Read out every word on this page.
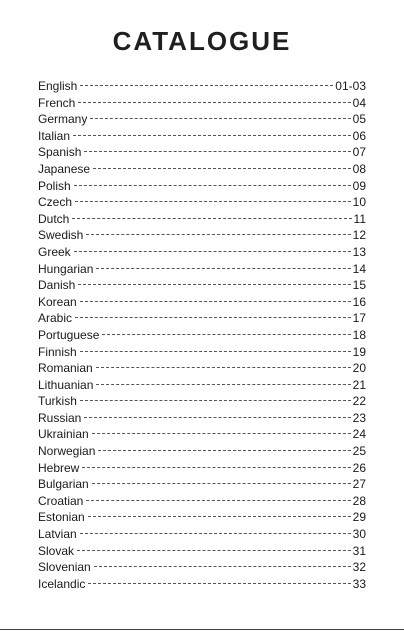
CATALOGUE
English	01-03
French	04
Germany	05
Italian	06
Spanish	07
Japanese	08
Polish	09
Czech	10
Dutch	11
Swedish	12
Greek	13
Hungarian	14
Danish	15
Korean	16
Arabic	17
Portuguese	18
Finnish	19
Romanian	20
Lithuanian	21
Turkish	22
Russian	23
Ukrainian	24
Norwegian	25
Hebrew	26
Bulgarian	27
Croatian	28
Estonian	29
Latvian	30
Slovak	31
Slovenian	32
Icelandic	33
